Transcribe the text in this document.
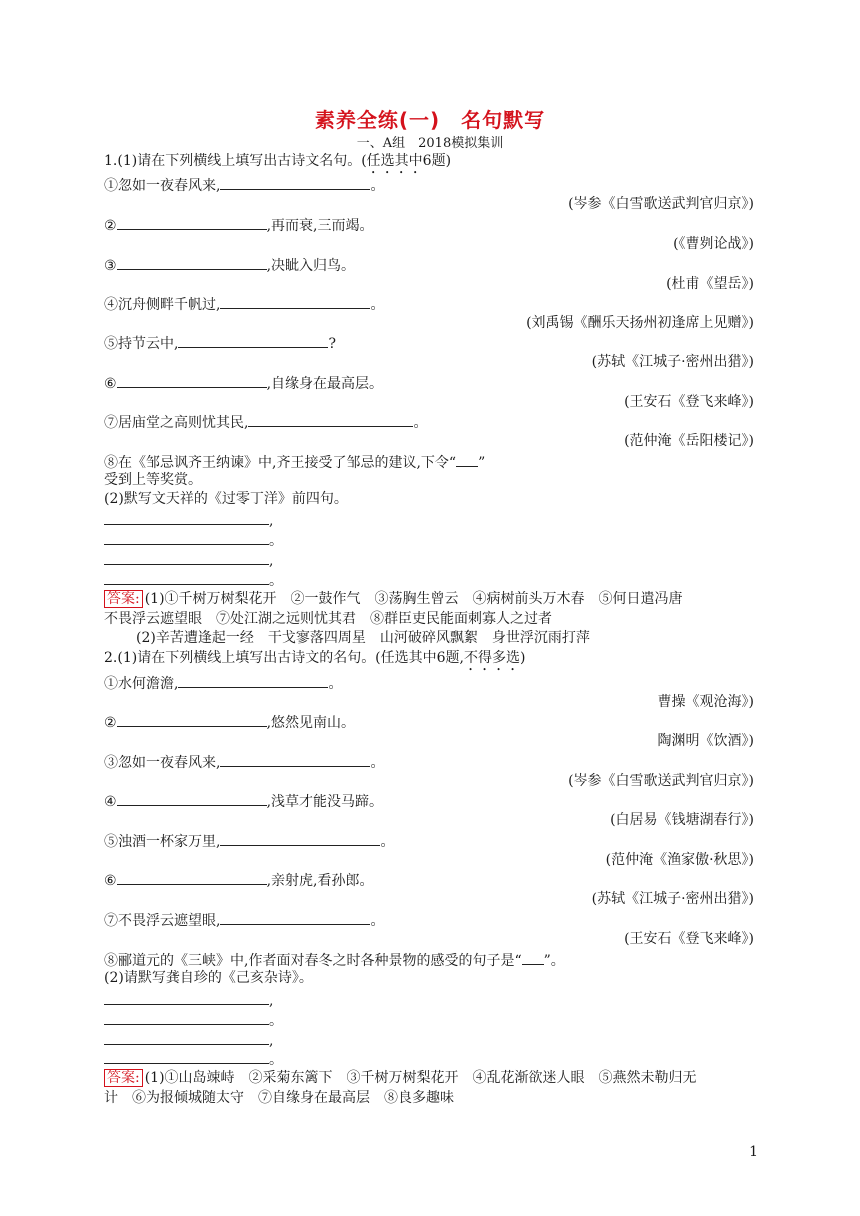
素养全练(一)　名句默写
一、A组　2018模拟集训
1.(1)请在下列横线上填写出古诗文名句。(任选其中6题)
①忽如一夜春风来,	。
(岑参《白雪歌送武判官归京》)
②	,再而衰,三而竭。
(《曹刿论战》)
③	,决眦入归鸟。
(杜甫《望岳》)
④沉舟侧畔千帆过,	。
(刘禹锡《酬乐天扬州初逢席上见赠》)
⑤持节云中,	?
(苏轼《江城子·密州出猎》)
⑥	,自缘身在最高层。
(王安石《登飞来峰》)
⑦居庙堂之高则忧其民,	。
(范仲淹《岳阳楼记》)
⑧在《邹忌讽齐王纳谏》中,齐王接受了邹忌的建议,下令“ ”
受到上等奖赏。
(2)默写文天祥的《过零丁洋》前四句。
,
。
,
。
答案: (1)①千树万树梨花开　②一鼓作气　③荡胸生曾云　④病树前头万木春　⑤何日遣冯唐
不畏浮云遮望眼　⑦处江湖之远则忧其君　⑧群臣吏民能面刺寡人之过者
(2)辛苦遭逢起一经　干戈寥落四周星　山河破碎风飘絮　身世浮沉雨打萍
2.(1)请在下列横线上填写出古诗文的名句。(任选其中6题,不得多选)
①水何澹澹,	。
曹操《观沧海》)
②	,悠然见南山。
陶渊明《饮酒》)
③忽如一夜春风来,	。
(岑参《白雪歌送武判官归京》)
④	,浅草才能没马蹄。
(白居易《钱塘湖春行》)
⑤浊酒一杯家万里,	。
(范仲淹《渔家傲·秋思》)
⑥	,亲射虎,看孙郎。
(苏轼《江城子·密州出猎》)
⑦不畏浮云遮望眼,	。
(王安石《登飞来峰》)
⑧郦道元的《三峡》中,作者面对春冬之时各种景物的感受的句子是“ ”。
(2)请默写龚自珍的《己亥杂诗》。
,
。
,
。
答案: (1)①山岛竦峙　②采菊东篱下　③千树万树梨花开　④乱花渐欲迷人眼　⑤燕然未勒归无
计　⑥为报倾城随太守　⑦自缘身在最高层　⑧良多趣味
1
